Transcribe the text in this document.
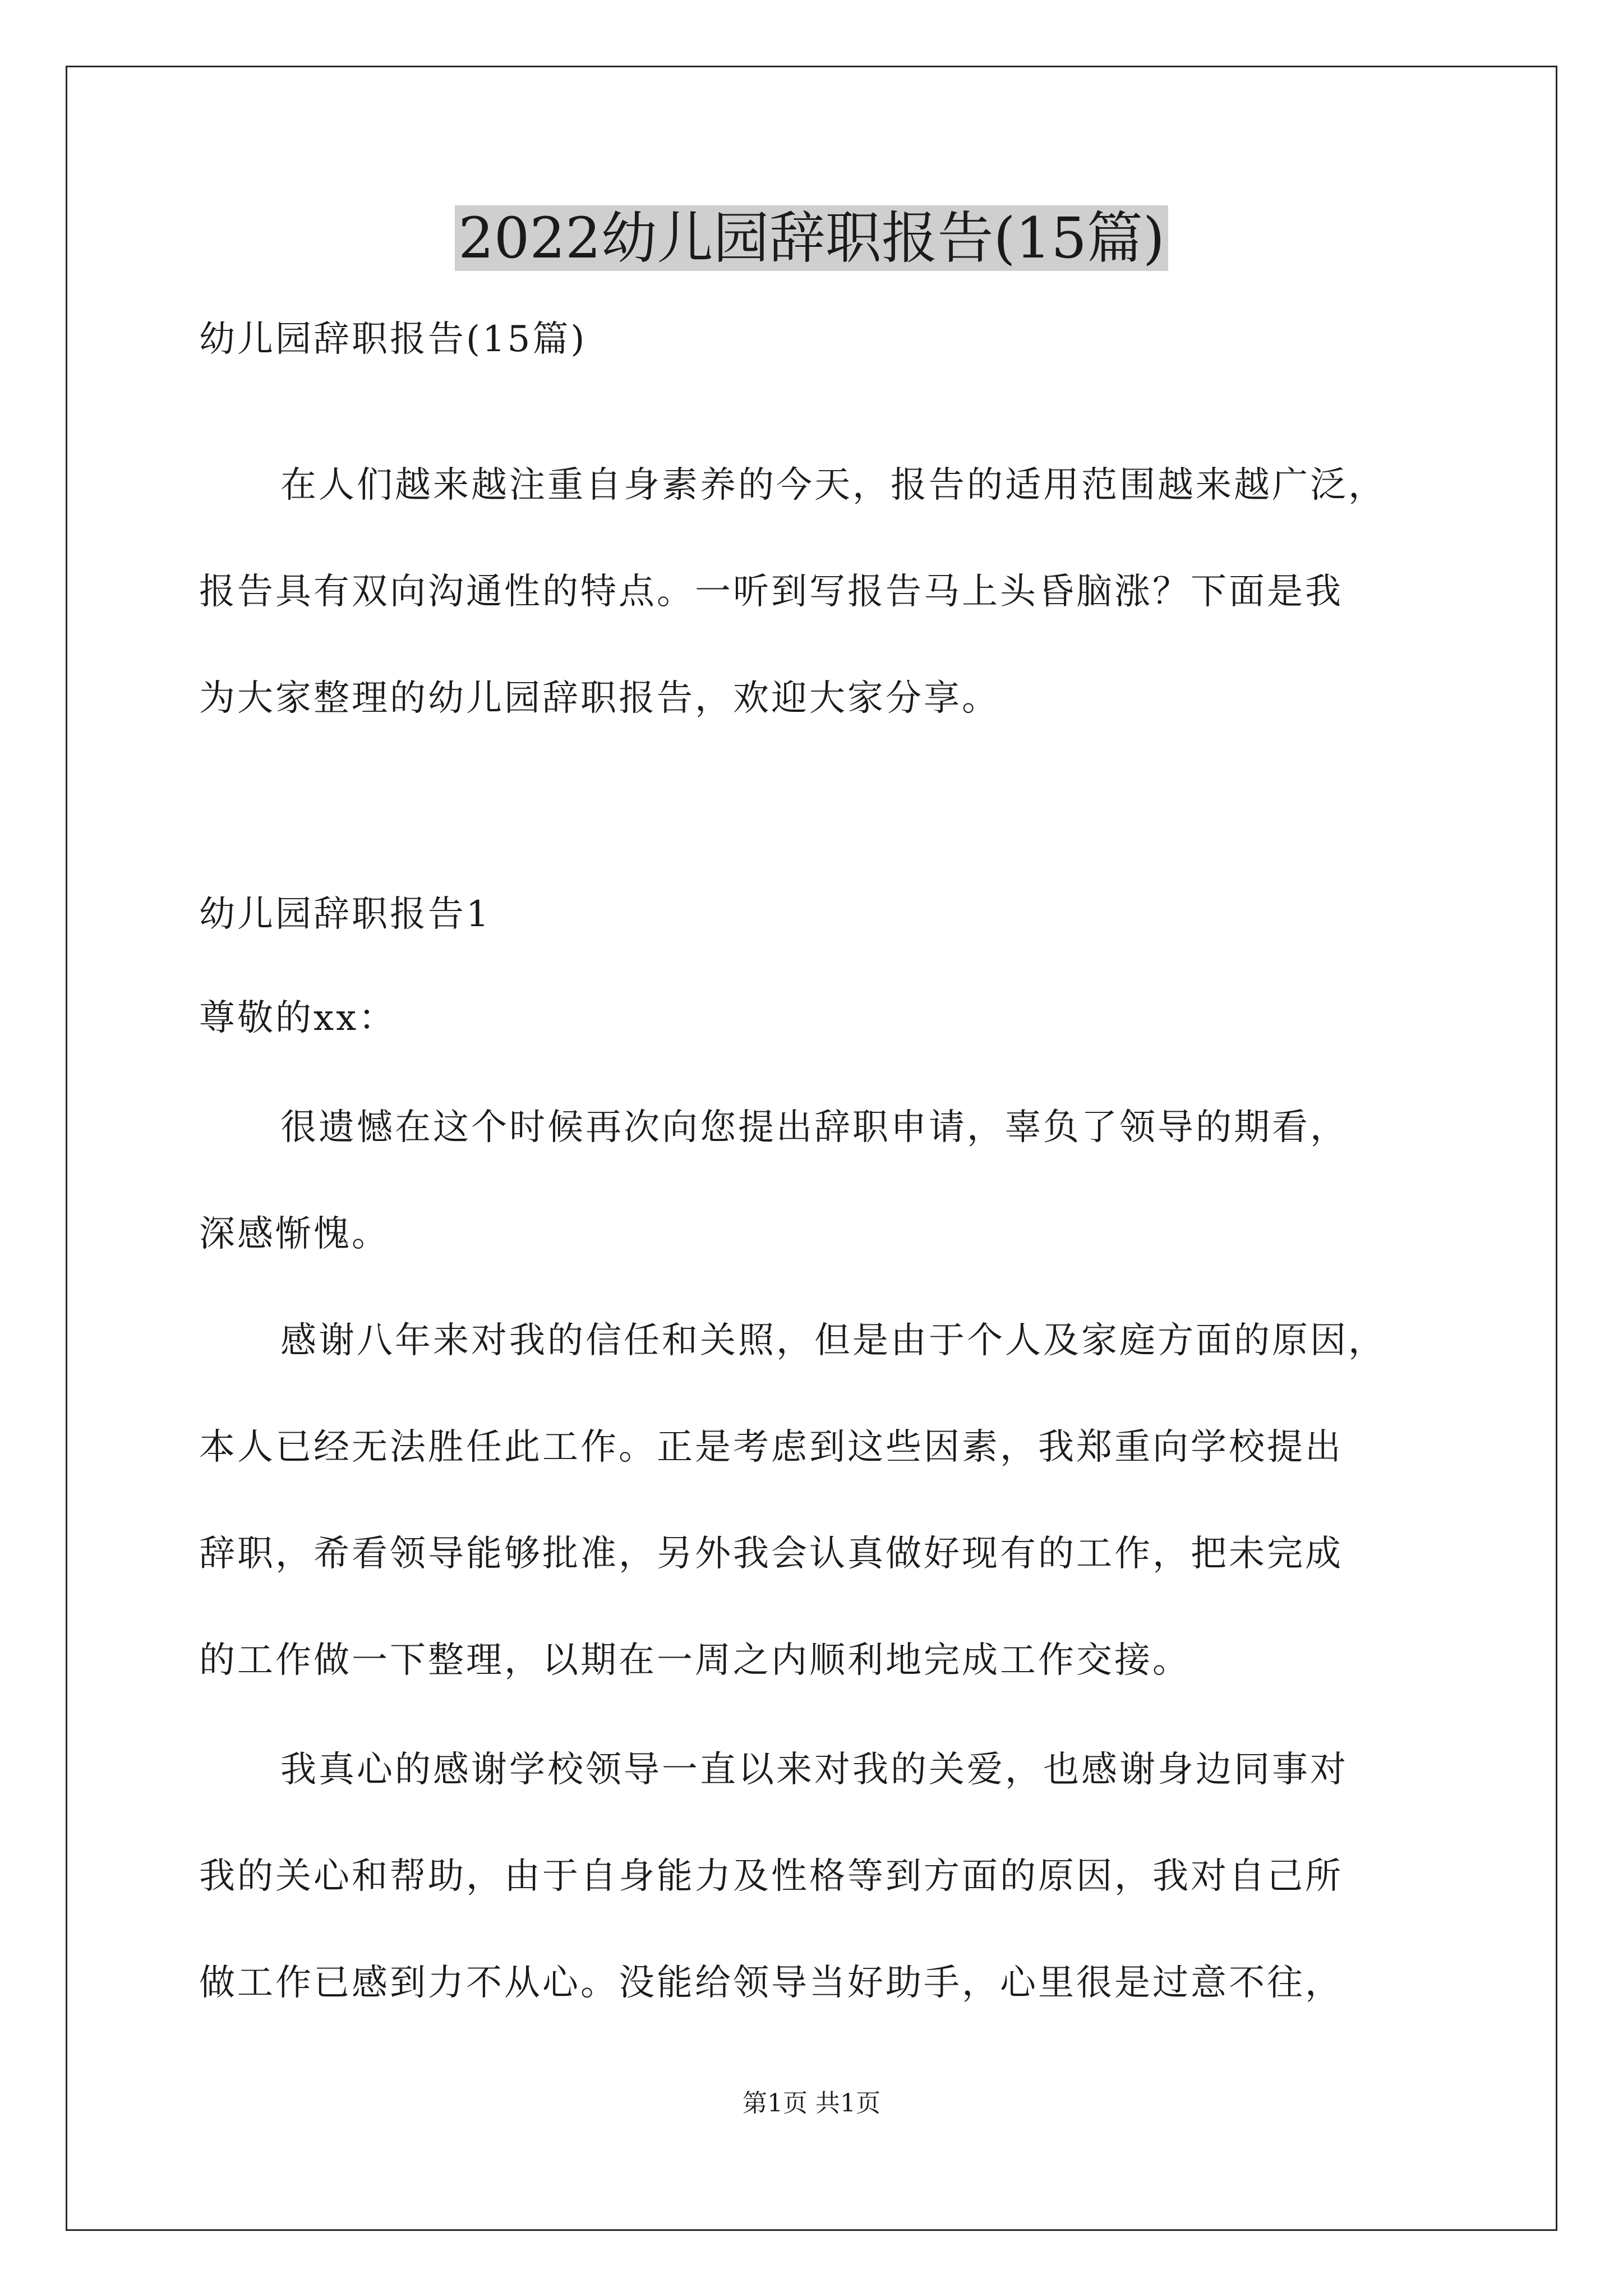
2022幼儿园辞职报告(15篇)
幼儿园辞职报告(15篇)
在人们越来越注重自身素养的今天，报告的适用范围越来越广泛，
报告具有双向沟通性的特点。一听到写报告马上头昏脑涨？下面是我
为大家整理的幼儿园辞职报告，欢迎大家分享。
幼儿园辞职报告1
尊敬的xx：
很遗憾在这个时候再次向您提出辞职申请，辜负了领导的期看，
深感惭愧。
感谢八年来对我的信任和关照，但是由于个人及家庭方面的原因，
本人已经无法胜任此工作。正是考虑到这些因素，我郑重向学校提出
辞职，希看领导能够批准，另外我会认真做好现有的工作，把未完成
的工作做一下整理，以期在一周之内顺利地完成工作交接。
我真心的感谢学校领导一直以来对我的关爱，也感谢身边同事对
我的关心和帮助，由于自身能力及性格等到方面的原因，我对自己所
做工作已感到力不从心。没能给领导当好助手，心里很是过意不往，
第1页 共1页
